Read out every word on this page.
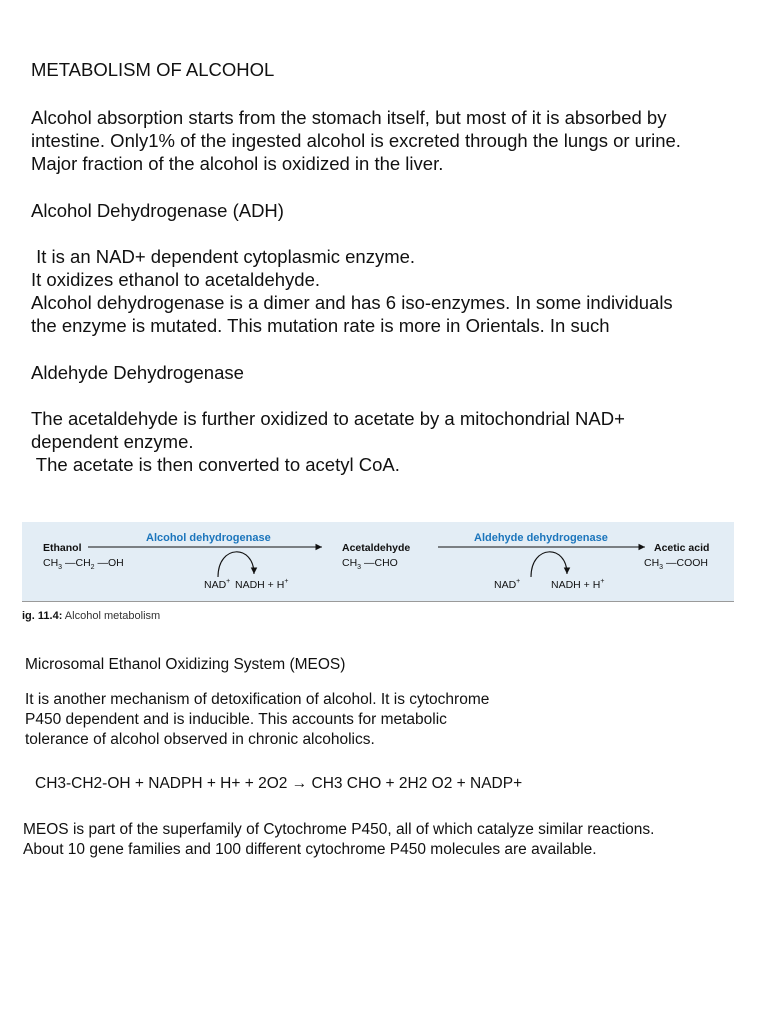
METABOLISM OF ALCOHOL

Alcohol absorption starts from the stomach itself, but most of it is absorbed by

intestine. Only1% of the ingested alcohol is excreted through the lungs or urine.

Major fraction of the alcohol is oxidized in the liver.

Alcohol Dehydrogenase (ADH)

It is an NAD+ dependent cytoplasmic enzyme.

It oxidizes ethanol to acetaldehyde.

Alcohol dehydrogenase is a dimer and has 6 iso-enzymes. In some individuals

the enzyme is mutated. This mutation rate is more in Orientals. In such

Aldehyde Dehydrogenase

The acetaldehyde is further oxidized to acetate by a mitochondrial NAD+

dependent enzyme.

The acetate is then converted to acetyl CoA.

Alcohol dehydrogenase	Aldehyde dehydrogenase
Ethanol	Acetaldehyde	Acetic acid
$CH_3$ $—CH_2$ —OH	$CH_3$ —CHO	$CH_3$ —COOH
NAD+ NADH + H+	NAD+	NADH + H+
ig. 11.4: Alcohol metabolism
Microsomal Ethanol Oxidizing System (MEOS)

It is another mechanism of detoxification of alcohol. It is cytochrome

P450 dependent and is inducible. This accounts for metabolic

tolerance of alcohol observed in chronic alcoholics.

CH3-CH2-OH + NADPH + H+ + 2O2 → CH3 CHO + 2H2 O2 + NADP+

MEOS is part of the superfamily of Cytochrome P450, all of which catalyze similar reactions.

About 10 gene families and 100 different cytochrome P450 molecules are available.
